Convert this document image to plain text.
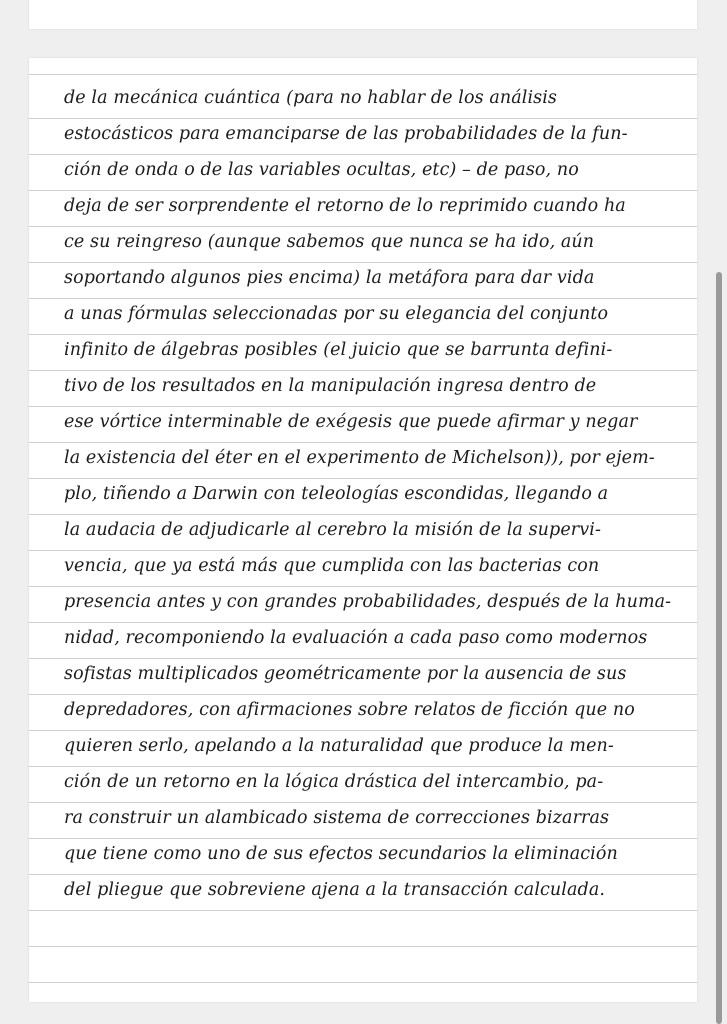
de la mecánica cuántica (para no hablar de los análisis
estocásticos para emanciparse de las probabilidades de la fun-
ción de onda o de las variables ocultas, etc) – de paso, no
deja de ser sorprendente el retorno de lo reprimido cuando ha
ce su reingreso (aunque sabemos que nunca se ha ido, aún
soportando algunos pies encima) la metáfora para dar vida
a unas fórmulas seleccionadas por su elegancia del conjunto
infinito de álgebras posibles (el juicio que se barrunta defini-
tivo de los resultados en la manipulación ingresa dentro de
ese vórtice interminable de exégesis que puede afirmar y negar
la existencia del éter en el experimento de Michelson)), por ejem-
plo, tiñendo a Darwin con teleologías escondidas, llegando a
la audacia de adjudicarle al cerebro la misión de la supervi-
vencia, que ya está más que cumplida con las bacterias con
presencia antes y con grandes probabilidades, después de la huma-
nidad, recomponiendo la evaluación a cada paso como modernos
sofistas multiplicados geométricamente por la ausencia de sus
depredadores, con afirmaciones sobre relatos de ficción que no
quieren serlo, apelando a la naturalidad que produce la men-
ción de un retorno en la lógica drástica del intercambio, pa-
ra construir un alambicado sistema de correcciones bizarras
que tiene como uno de sus efectos secundarios la eliminación
del pliegue que sobreviene ajena a la transacción calculada.
